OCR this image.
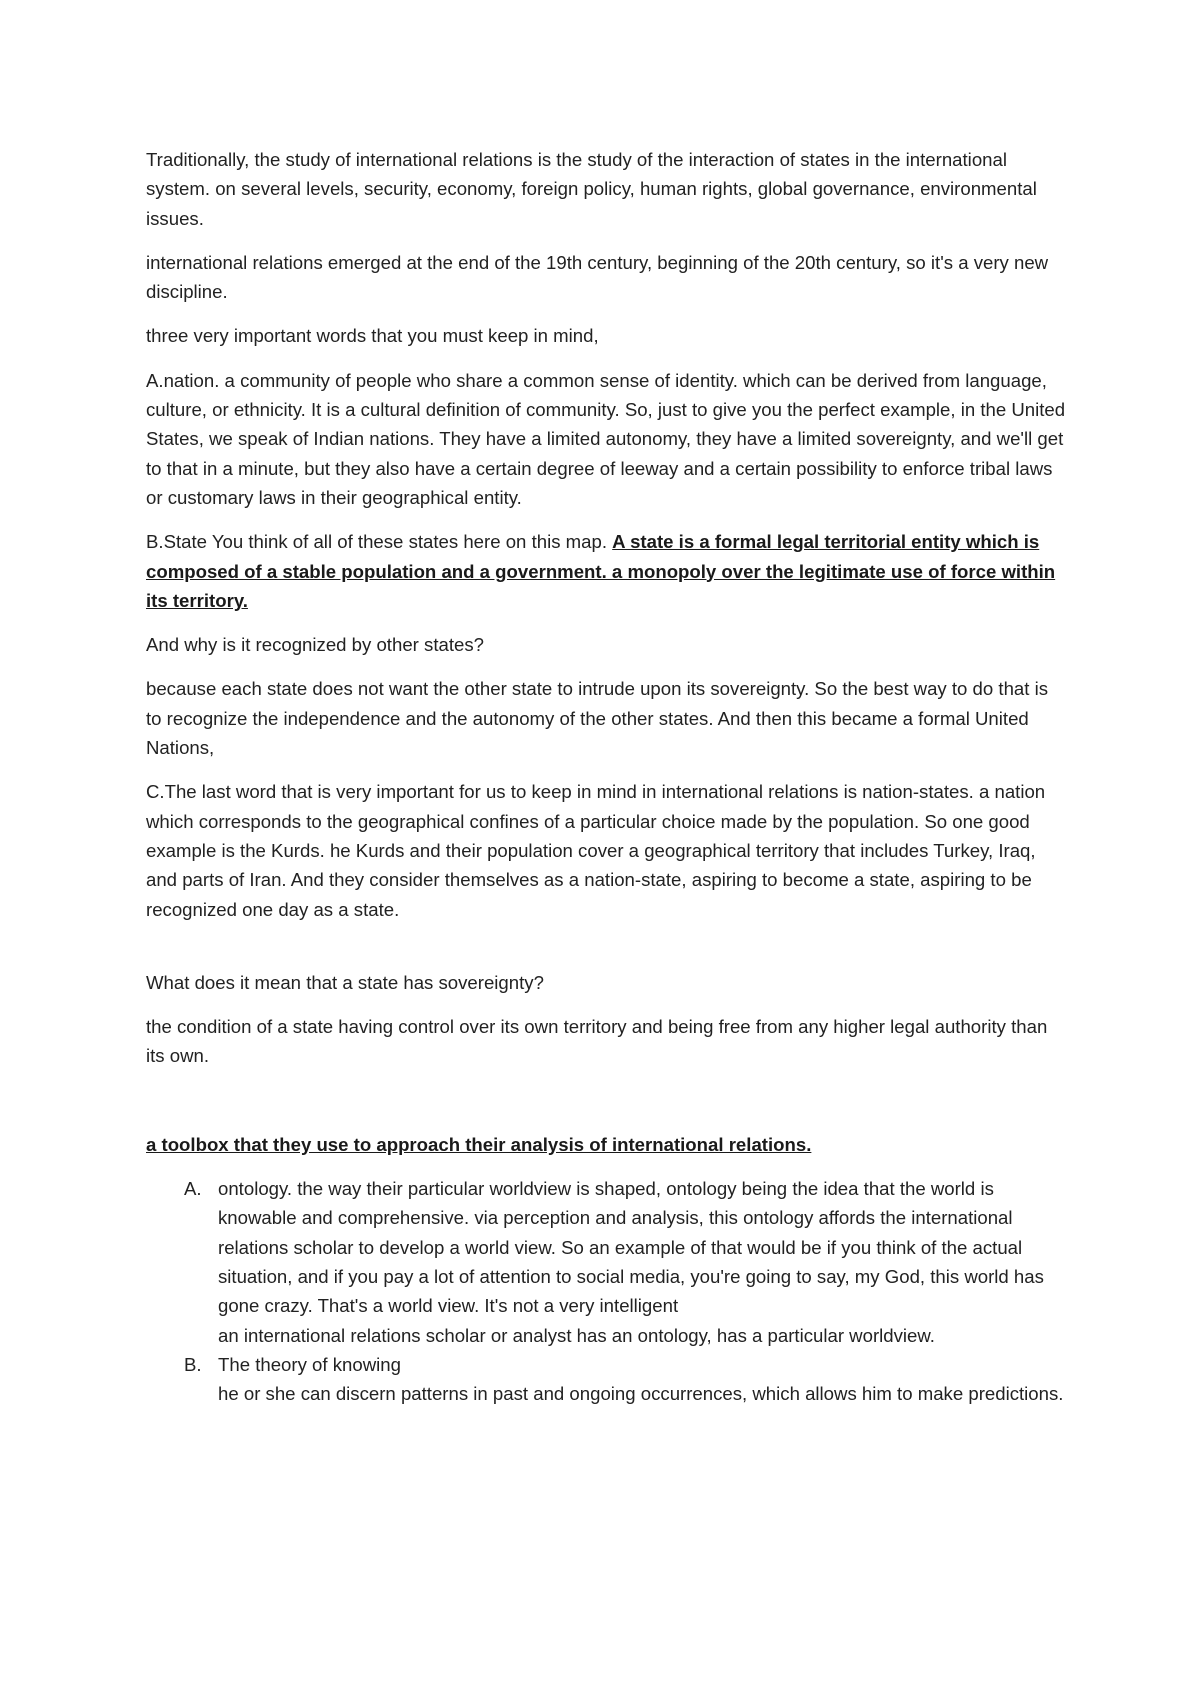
Traditionally, the study of international relations is the study of the interaction of states in the international system. on several levels, security, economy, foreign policy, human rights, global governance, environmental issues.

international relations emerged at the end of the 19th century, beginning of the 20th century, so it's a very new discipline.

three very important words that you must keep in mind,

A.nation. a community of people who share a common sense of identity. which can be derived from language, culture, or ethnicity. It is a cultural definition of community. So, just to give you the perfect example, in the United States, we speak of Indian nations. They have a limited autonomy, they have a limited sovereignty, and we'll get to that in a minute, but they also have a certain degree of leeway and a certain possibility to enforce tribal laws or customary laws in their geographical entity.

B.State You think of all of these states here on this map. A state is a formal legal territorial entity which is composed of a stable population and a government. a monopoly over the legitimate use of force within its territory.

And why is it recognized by other states?

because each state does not want the other state to intrude upon its sovereignty. So the best way to do that is to recognize the independence and the autonomy of the other states. And then this became a formal United Nations,

C.The last word that is very important for us to keep in mind in international relations is nation-states. a nation which corresponds to the geographical confines of a particular choice made by the population. So one good example is the Kurds. he Kurds and their population cover a geographical territory that includes Turkey, Iraq, and parts of Iran. And they consider themselves as a nation-state, aspiring to become a state, aspiring to be recognized one day as a state.

What does it mean that a state has sovereignty?

the condition of a state having control over its own territory and being free from any higher legal authority than its own.

a toolbox that they use to approach their analysis of international relations.

A. ontology. the way their particular worldview is shaped, ontology being the idea that the world is knowable and comprehensive. via perception and analysis, this ontology affords the international relations scholar to develop a world view. So an example of that would be if you think of the actual situation, and if you pay a lot of attention to social media, you're going to say, my God, this world has gone crazy. That's a world view. It's not a very intelligent
an international relations scholar or analyst has an ontology, has a particular worldview.
B. The theory of knowing
he or she can discern patterns in past and ongoing occurrences, which allows him to make predictions.
